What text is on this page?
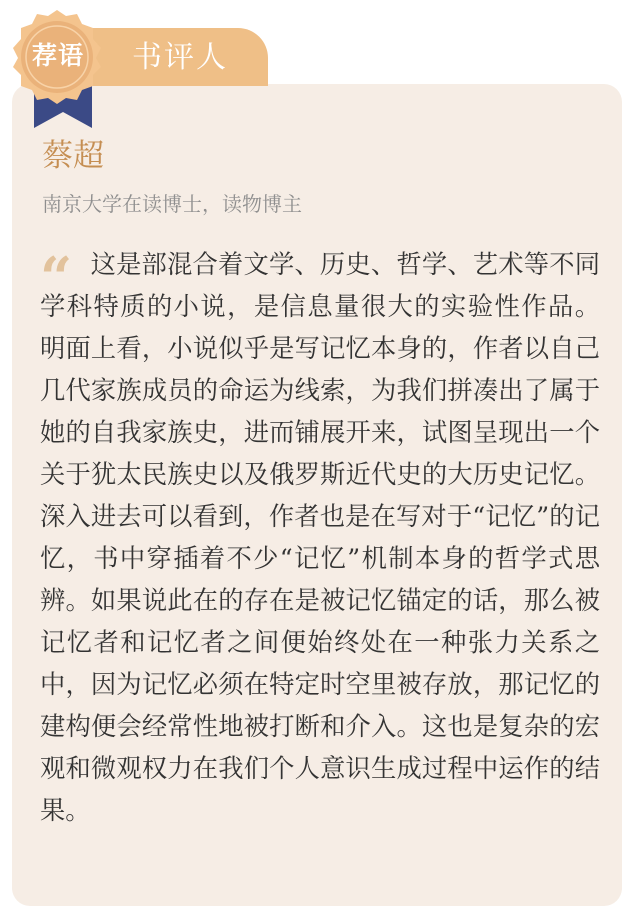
书评人
荐语
蔡超
南京大学在读博士，读物博主
“ 这是部混合着文学、历史、哲学、艺术等不同学科特质的小说，是信息量很大的实验性作品。 明面上看，小说似乎是写记忆本身的，作者以自己几代家族成员的命运为线索，为我们拼凑出了属于她的自我家族史，进而铺展开来，试图呈现出一个关于犹太民族史以及俄罗斯近代史的大历史记忆。深入进去可以看到，作者也是在写对于“记忆”的记忆，书中穿插着不少“记忆”机制本身的哲学式思辨。如果说此在的存在是被记忆锚定的话，那么被记忆者和记忆者之间便始终处在一种张力关系之中，因为记忆必须在特定时空里被存放，那记忆的建构便会经常性地被打断和介入。这也是复杂的宏观和微观权力在我们个人意识生成过程中运作的结果。
